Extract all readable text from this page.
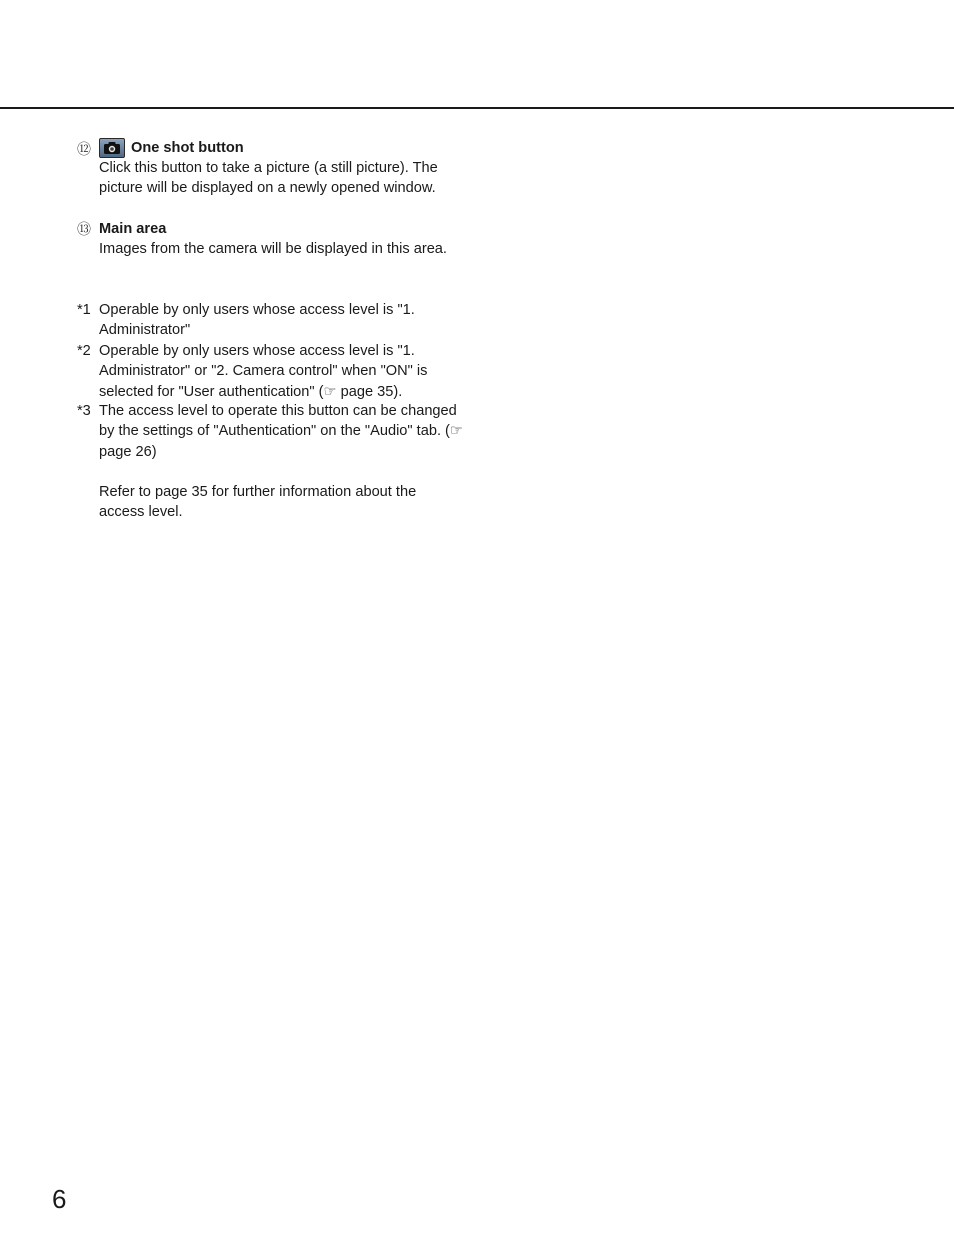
⑫	One shot button
Click this button to take a picture (a still picture). The picture will be displayed on a newly opened window.
⑬ Main area
Images from the camera will be displayed in this area.
*1 Operable by only users whose access level is "1. Administrator"
*2 Operable by only users whose access level is "1. Administrator" or "2. Camera control" when "ON" is selected for "User authentication" (☞ page 35).
*3 The access level to operate this button can be changed by the settings of "Authentication" on the "Audio" tab. (☞ page 26)
Refer to page 35 for further information about the access level.
6
